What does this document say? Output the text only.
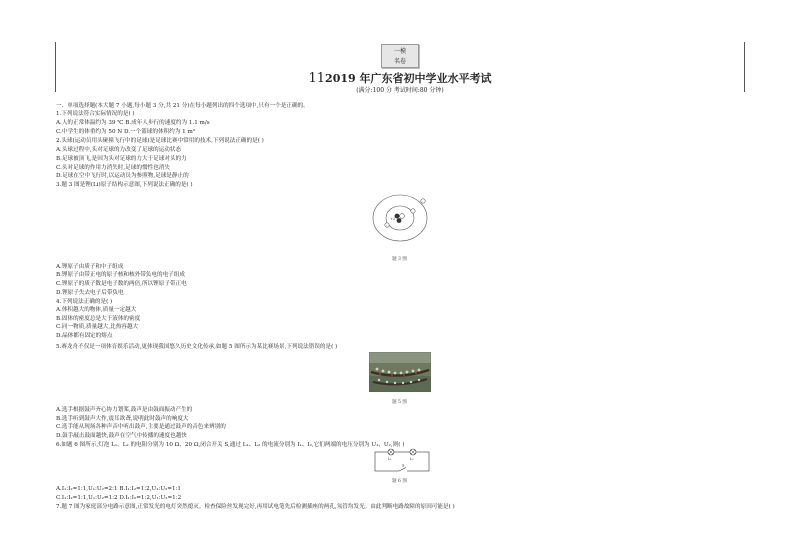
一模
名卷
112019 年广东省初中学业水平考试
(满分:100 分 考试时间:80 分钟)
一、单项选择题(本大题 7 小题,每小题 3 分,共 21 分)在每小题列出的四个选项中,只有一个是正确的。
1.下列说法符合实际情况的是( )
A.人的正常体温约为 39 ℃ B.成年人步行的速度约为 1.1 m/s
C.中学生的体重约为 50 N D.一个篮球的体积约为 1 m³
2.头球(运动员用头碰撞飞行中的足球)是足球比赛中常用的技术,下列说法正确的是( )
A.头球过程中,头对足球的力改变了足球的运动状态
B.足球被顶飞,是因为头对足球的力大于足球对头的力
C.头对足球的作用力消失时,足球的惯性也消失
D.足球在空中飞行时,以运动员为参照物,足球是静止的
3.题 3 图是锂(Li)原子结构示意图,下列说法正确的是( )
+3
-
-
-
题 3 图
A.锂原子由质子和中子组成
B.锂原子由带正电的原子核和核外带负电的电子组成
C.锂原子的质子数是电子数的两倍,所以锂原子带正电
D.锂原子失去电子后带负电
4.下列说法正确的是( )
A.体积越大的物体,质量一定越大
B.固体的密度总是大于液体的密度
C.同一物质,质量越大,比热容越大
D.晶体都有固定的熔点
5.赛龙舟不仅是一项体育娱乐活动,更体现我国悠久历史文化传承,如题 5 图所示为某比赛场景,下列说法错误的是( )
题 5 图
A.选手根据鼓声齐心协力划桨,鼓声是由鼓面振动产生的
B.选手听到鼓声大作,震耳欲聋,说明此时鼓声的响度大
C.选手能从现场各种声音中听出鼓声,主要是通过鼓声的音色来辨别的
D.鼓手敲击鼓面越快,鼓声在空气中传播的速度也越快
6.如题 6 图所示,灯泡 L₁、L₂ 的电阻分别为 10 Ω、20 Ω,闭合开关 S,通过 L₁、L₂ 的电流分别为 I₁、I₂,它们两端的电压分别为 U₁、U₂,则( )
L₁	L₂
S
题 6 图
A.I₁:I₂=1:1,U₁:U₂=2:1 B.I₁:I₂=1:2,U₁:U₂=1:1
C.I₁:I₂=1:1,U₁:U₂=1:2 D.I₁:I₂=1:2,U₁:U₂=1:2
7.题 7 图为家庭部分电路示意图,正常发光的电灯突然熄灭。检查保险丝发现完好,再用试电笔先后检测插座的两孔,氖管均发光。由此判断电路故障的原因可能是( )
